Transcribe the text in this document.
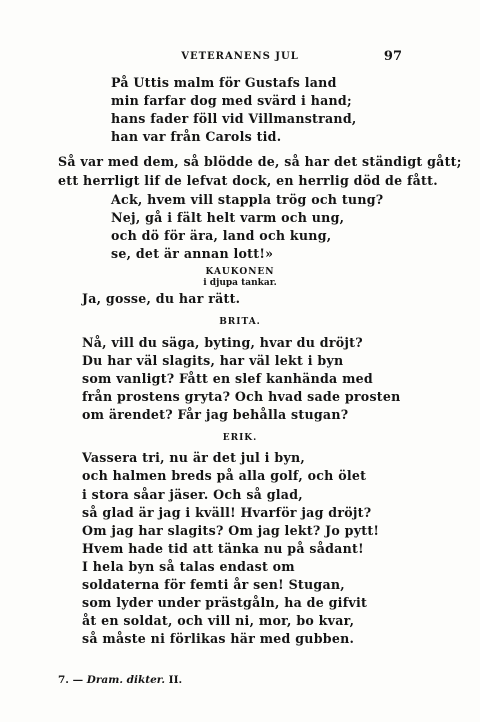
VETERANENS JUL	97
På Uttis malm för Gustafs land
min farfar dog med svärd i hand;
hans fader föll vid Villmanstrand,
han var från Carols tid.
Så var med dem, så blödde de, så har det ständigt gått;
ett herrligt lif de lefvat dock, en herrlig död de fått.
Ack, hvem vill stappla trög och tung?
Nej, gå i fält helt varm och ung,
och dö för ära, land och kung,
se, det är annan lott!»
KAUKONEN
i djupa tankar.
Ja, gosse, du har rätt.
BRITA.
Nå, vill du säga, byting, hvar du dröjt?
Du har väl slagits, har väl lekt i byn
som vanligt? Fått en slef kanhända med
från prostens gryta? Och hvad sade prosten
om ärendet? Får jag behålla stugan?
ERIK.
Vassera tri, nu är det jul i byn,
och halmen breds på alla golf, och ölet
i stora såar jäser. Och så glad,
så glad är jag i kväll! Hvarför jag dröjt?
Om jag har slagits? Om jag lekt? Jo pytt!
Hvem hade tid att tänka nu på sådant!
I hela byn så talas endast om
soldaterna för femti år sen! Stugan,
som lyder under prästgåln, ha de gifvit
åt en soldat, och vill ni, mor, bo kvar,
så måste ni förlikas här med gubben.
7. — Dram. dikter. II.
